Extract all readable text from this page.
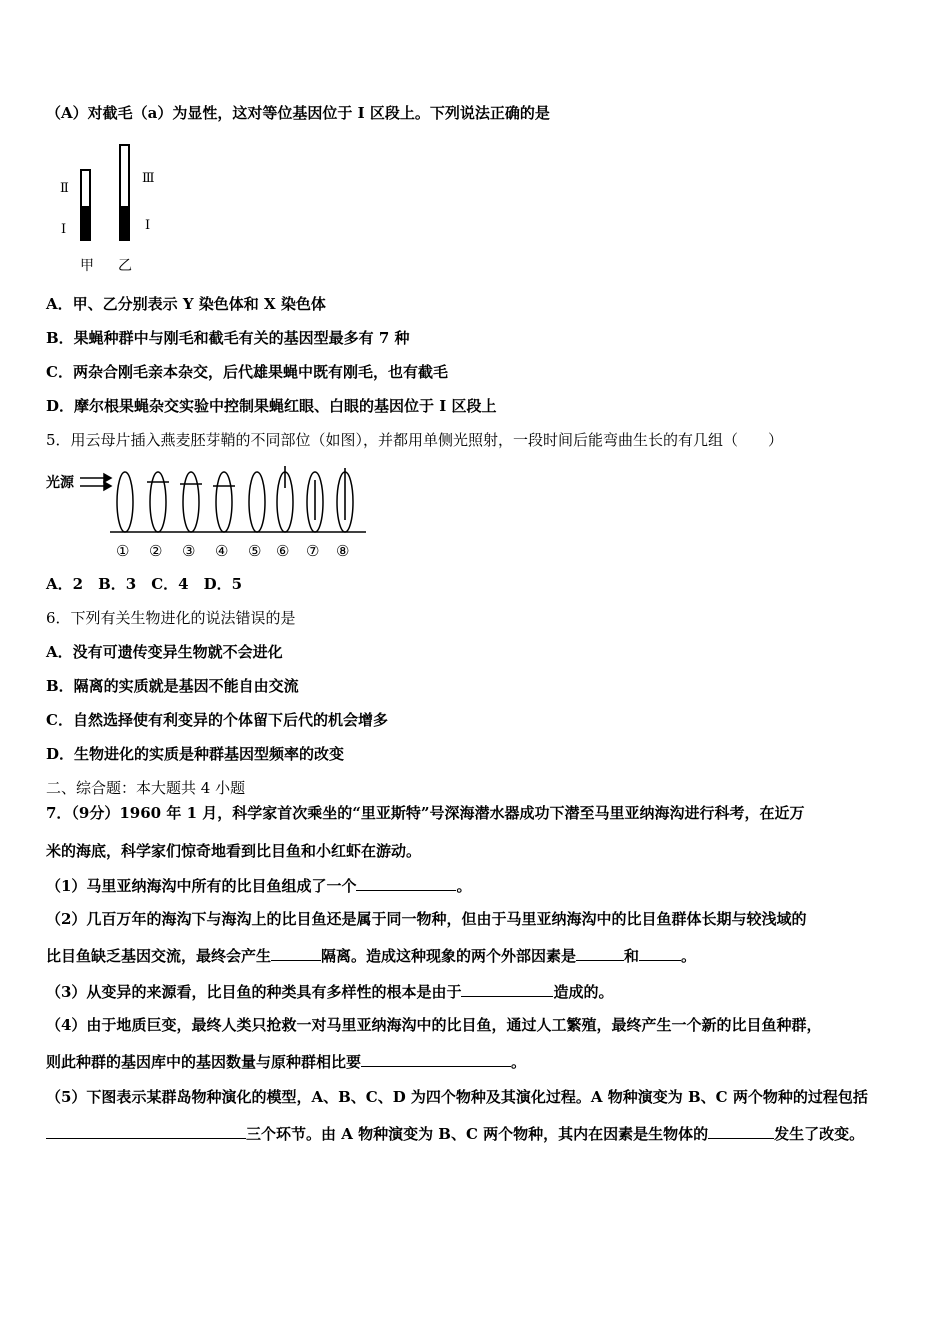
（A）对截毛（a）为显性，这对等位基因位于 I 区段上。下列说法正确的是
Ⅱ
I
Ⅲ
I
甲 乙
A．甲、乙分别表示 Y 染色体和 X 染色体
B．果蝇种群中与刚毛和截毛有关的基因型最多有 7 种
C．两杂合刚毛亲本杂交，后代雄果蝇中既有刚毛，也有截毛
D．摩尔根果蝇杂交实验中控制果蝇红眼、白眼的基因位于 I 区段上
5．用云母片插入燕麦胚芽鞘的不同部位（如图），并都用单侧光照射，一段时间后能弯曲生长的有几组（　　）
光源
① ② ③ ④ ⑤ ⑥ ⑦ ⑧
A．2　B．3　C．4　D．5
6．下列有关生物进化的说法错误的是
A．没有可遗传变异生物就不会进化
B．隔离的实质就是基因不能自由交流
C．自然选择使有利变异的个体留下后代的机会增多
D．生物进化的实质是种群基因型频率的改变
二、综合题：本大题共 4 小题
7．（9分）1960 年 1 月，科学家首次乘坐的“里亚斯特”号深海潜水器成功下潜至马里亚纳海沟进行科考，在近万
米的海底，科学家们惊奇地看到比目鱼和小红虾在游动。
（1）马里亚纳海沟中所有的比目鱼组成了一个	。
（2）几百万年的海沟下与海沟上的比目鱼还是属于同一物种，但由于马里亚纳海沟中的比目鱼群体长期与较浅域的
比目鱼缺乏基因交流，最终会产生	隔离。造成这种现象的两个外部因素是	和	。
（3）从变异的来源看，比目鱼的种类具有多样性的根本是由于	造成的。
（4）由于地质巨变，最终人类只抢救一对马里亚纳海沟中的比目鱼，通过人工繁殖，最终产生一个新的比目鱼种群，
则此种群的基因库中的基因数量与原种群相比要	。
（5）下图表示某群岛物种演化的模型，A、B、C、D 为四个物种及其演化过程。A 物种演变为 B、C 两个物种的过程包括
三个环节。由 A 物种演变为 B、C 两个物种，其内在因素是生物体的	发生了改变。
